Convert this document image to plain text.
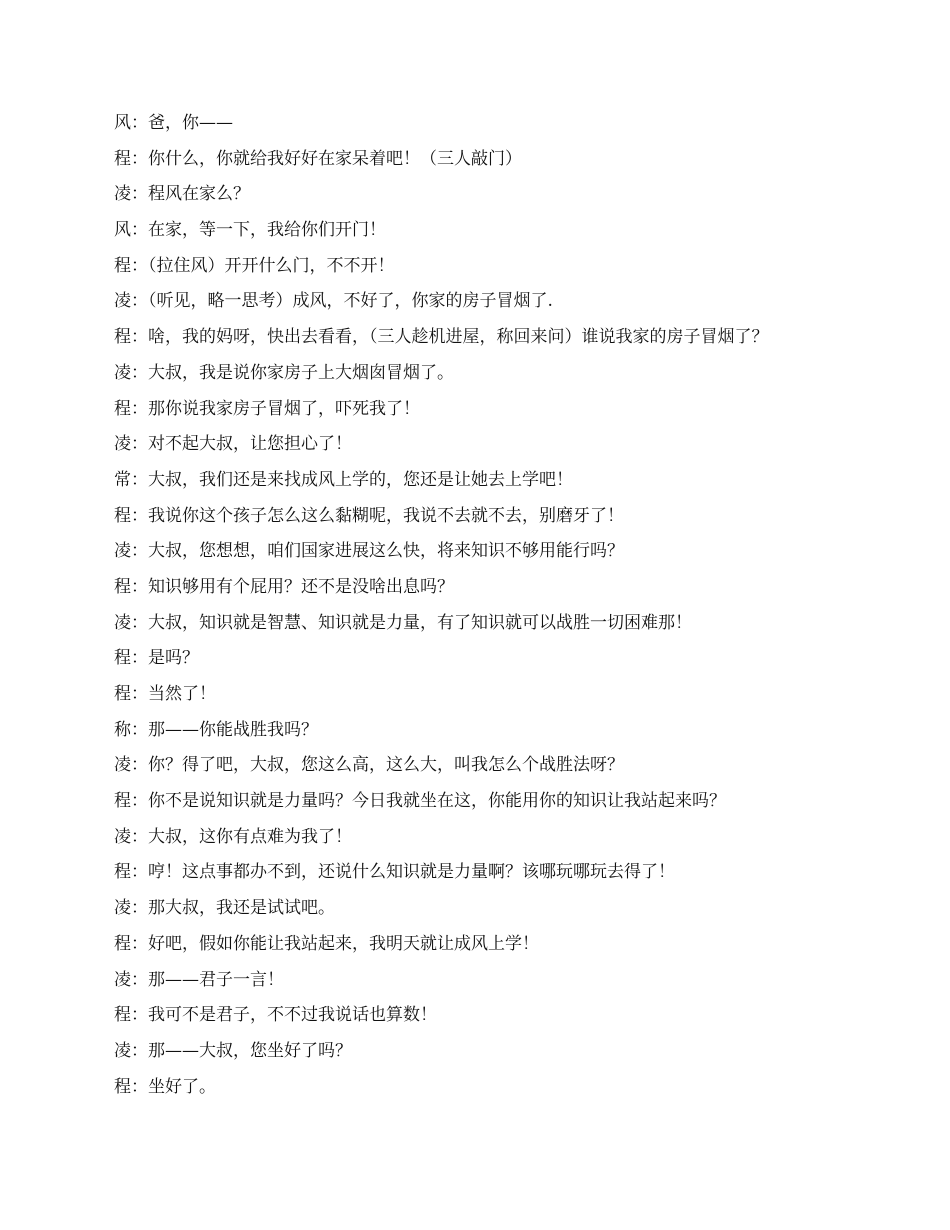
风：爸，你——
程：你什么，你就给我好好在家呆着吧！（三人敲门）
凌：程风在家么？
风：在家，等一下，我给你们开门！
程：（拉住风）开开什么门，不不开！
凌：（听见，略一思考）成风，不好了，你家的房子冒烟了.
程：啥，我的妈呀，快出去看看，（三人趁机进屋，称回来问）谁说我家的房子冒烟了？
凌：大叔，我是说你家房子上大烟囱冒烟了。
程：那你说我家房子冒烟了，吓死我了！
凌：对不起大叔，让您担心了！
常：大叔，我们还是来找成风上学的，您还是让她去上学吧！
程：我说你这个孩子怎么这么黏糊呢，我说不去就不去，别磨牙了！
凌：大叔，您想想，咱们国家进展这么快，将来知识不够用能行吗？
程：知识够用有个屁用？还不是没啥出息吗？
凌：大叔，知识就是智慧、知识就是力量，有了知识就可以战胜一切困难那！
程：是吗？
程：当然了！
称：那——你能战胜我吗？
凌：你？得了吧，大叔，您这么高，这么大，叫我怎么个战胜法呀？
程：你不是说知识就是力量吗？今日我就坐在这，你能用你的知识让我站起来吗？
凌：大叔，这你有点难为我了！
程：哼！这点事都办不到，还说什么知识就是力量啊？该哪玩哪玩去得了！
凌：那大叔，我还是试试吧。
程：好吧，假如你能让我站起来，我明天就让成风上学！
凌：那——君子一言！
程：我可不是君子，不不过我说话也算数！
凌：那——大叔，您坐好了吗？
程：坐好了。
